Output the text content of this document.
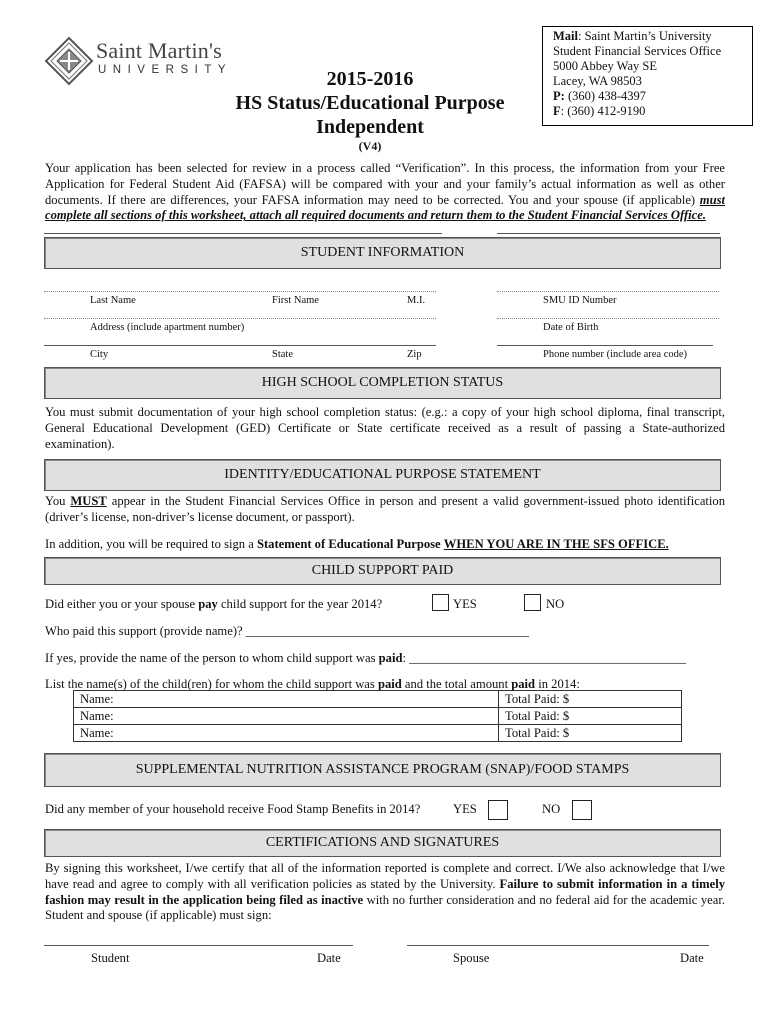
Saint Martin's
UNIVERSITY	2015-2016
HS Status/Educational Purpose
Independent
(V4)
Mail: Saint Martin’s University
Student Financial Services Office
5000 Abbey Way SE
Lacey, WA 98503
P: (360) 438-4397
F: (360) 412-9190
Your application has been selected for review in a process called “Verification”. In this process, the information from your Free Application for Federal Student Aid (FAFSA) will be compared with your and your family’s actual information as well as other documents. If there are differences, your FAFSA information may need to be corrected. You and your spouse (if applicable) must complete all sections of this worksheet, attach all required documents and return them to the Student Financial Services Office.
STUDENT INFORMATION
Last Name	First Name	M.I.	SMU ID Number
Address (include apartment number)	Date of Birth
City	State	Zip	Phone number (include area code)
HIGH SCHOOL COMPLETION STATUS
You must submit documentation of your high school completion status: (e.g.: a copy of your high school diploma, final transcript, General Educational Development (GED) Certificate or State certificate received as a result of passing a State-authorized examination).
IDENTITY/EDUCATIONAL PURPOSE STATEMENT
You MUST appear in the Student Financial Services Office in person and present a valid government-issued photo identification (driver’s license, non-driver’s license document, or passport).
In addition, you will be required to sign a Statement of Educational Purpose WHEN YOU ARE IN THE SFS OFFICE.
CHILD SUPPORT PAID
Did either you or your spouse pay child support for the year 2014?	YES	NO
Who paid this support (provide name)? _____________________________________________
If yes, provide the name of the person to whom child support was paid: ____________________________________________
List the name(s) of the child(ren) for whom the child support was paid and the total amount paid in 2014:
Name:	Total Paid: $
Name:	Total Paid: $
Name:	Total Paid: $
SUPPLEMENTAL NUTRITION ASSISTANCE PROGRAM (SNAP)/FOOD STAMPS
Did any member of your household receive Food Stamp Benefits in 2014?	YES	NO
CERTIFICATIONS AND SIGNATURES
By signing this worksheet, I/we certify that all of the information reported is complete and correct. I/We also acknowledge that I/we have read and agree to comply with all verification policies as stated by the University. Failure to submit information in a timely fashion may result in the application being filed as inactive with no further consideration and no federal aid for the academic year. Student and spouse (if applicable) must sign:
Student	Date	Spouse	Date
